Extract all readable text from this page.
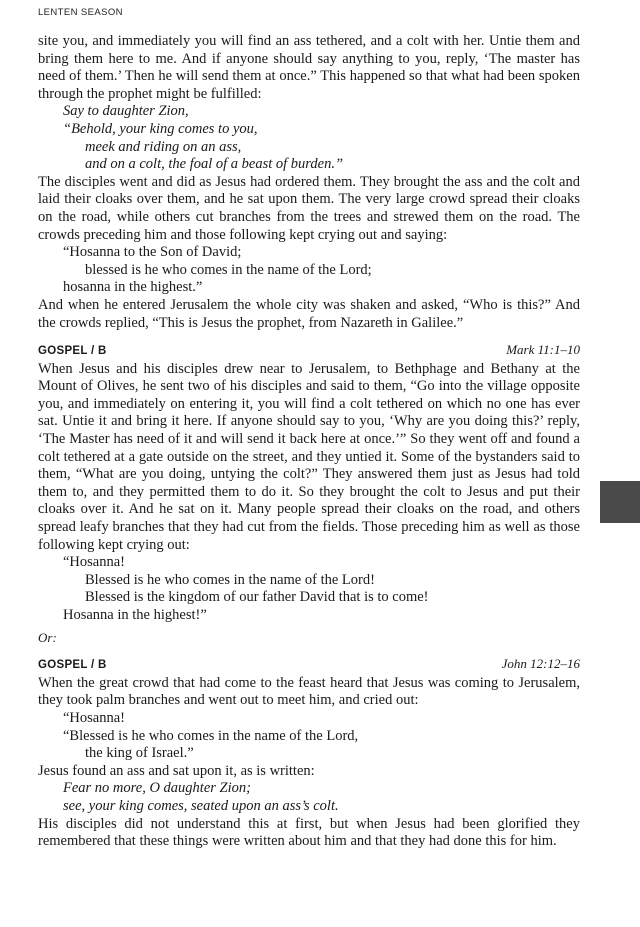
LENTEN SEASON

site you, and immediately you will find an ass tethered, and a colt with her. Untie them and bring them here to me. And if anyone should say anything to you, reply, ‘The master has need of them.’ Then he will send them at once.” This happened so that what had been spoken through the prophet might be fulfilled:

Say to daughter Zion,

“Behold, your king comes to you,

meek and riding on an ass,

and on a colt, the foal of a beast of burden.”

The disciples went and did as Jesus had ordered them. They brought the ass and the colt and laid their cloaks over them, and he sat upon them. The very large crowd spread their cloaks on the road, while others cut branches from the trees and strewed them on the road. The crowds preceding him and those following kept crying out and saying:

“Hosanna to the Son of David;

blessed is he who comes in the name of the Lord;

hosanna in the highest.”

And when he entered Jerusalem the whole city was shaken and asked, “Who is this?” And the crowds replied, “This is Jesus the prophet, from Nazareth in Galilee.”

GOSPEL / B	Mark 11:1–10

When Jesus and his disciples drew near to Jerusalem, to Bethphage and Bethany at the Mount of Olives, he sent two of his disciples and said to them, “Go into the village opposite you, and immediately on entering it, you will find a colt tethered on which no one has ever sat. Untie it and bring it here. If anyone should say to you, ‘Why are you doing this?’ reply, ‘The Master has need of it and will send it back here at once.’” So they went off and found a colt tethered at a gate outside on the street, and they untied it. Some of the bystanders said to them, “What are you doing, untying the colt?” They answered them just as Jesus had told them to, and they permitted them to do it. So they brought the colt to Jesus and put their cloaks over it. And he sat on it. Many people spread their cloaks on the road, and others spread leafy branches that they had cut from the fields. Those preceding him as well as those following kept crying out:

“Hosanna!

Blessed is he who comes in the name of the Lord!

Blessed is the kingdom of our father David that is to come!

Hosanna in the highest!”

Or:

GOSPEL / B	John 12:12–16

When the great crowd that had come to the feast heard that Jesus was coming to Jerusalem, they took palm branches and went out to meet him, and cried out:

“Hosanna!

“Blessed is he who comes in the name of the Lord,

the king of Israel.”

Jesus found an ass and sat upon it, as is written:

Fear no more, O daughter Zion;

see, your king comes, seated upon an ass’s colt.

His disciples did not understand this at first, but when Jesus had been glorified they remembered that these things were written about him and that they had done this for him.
